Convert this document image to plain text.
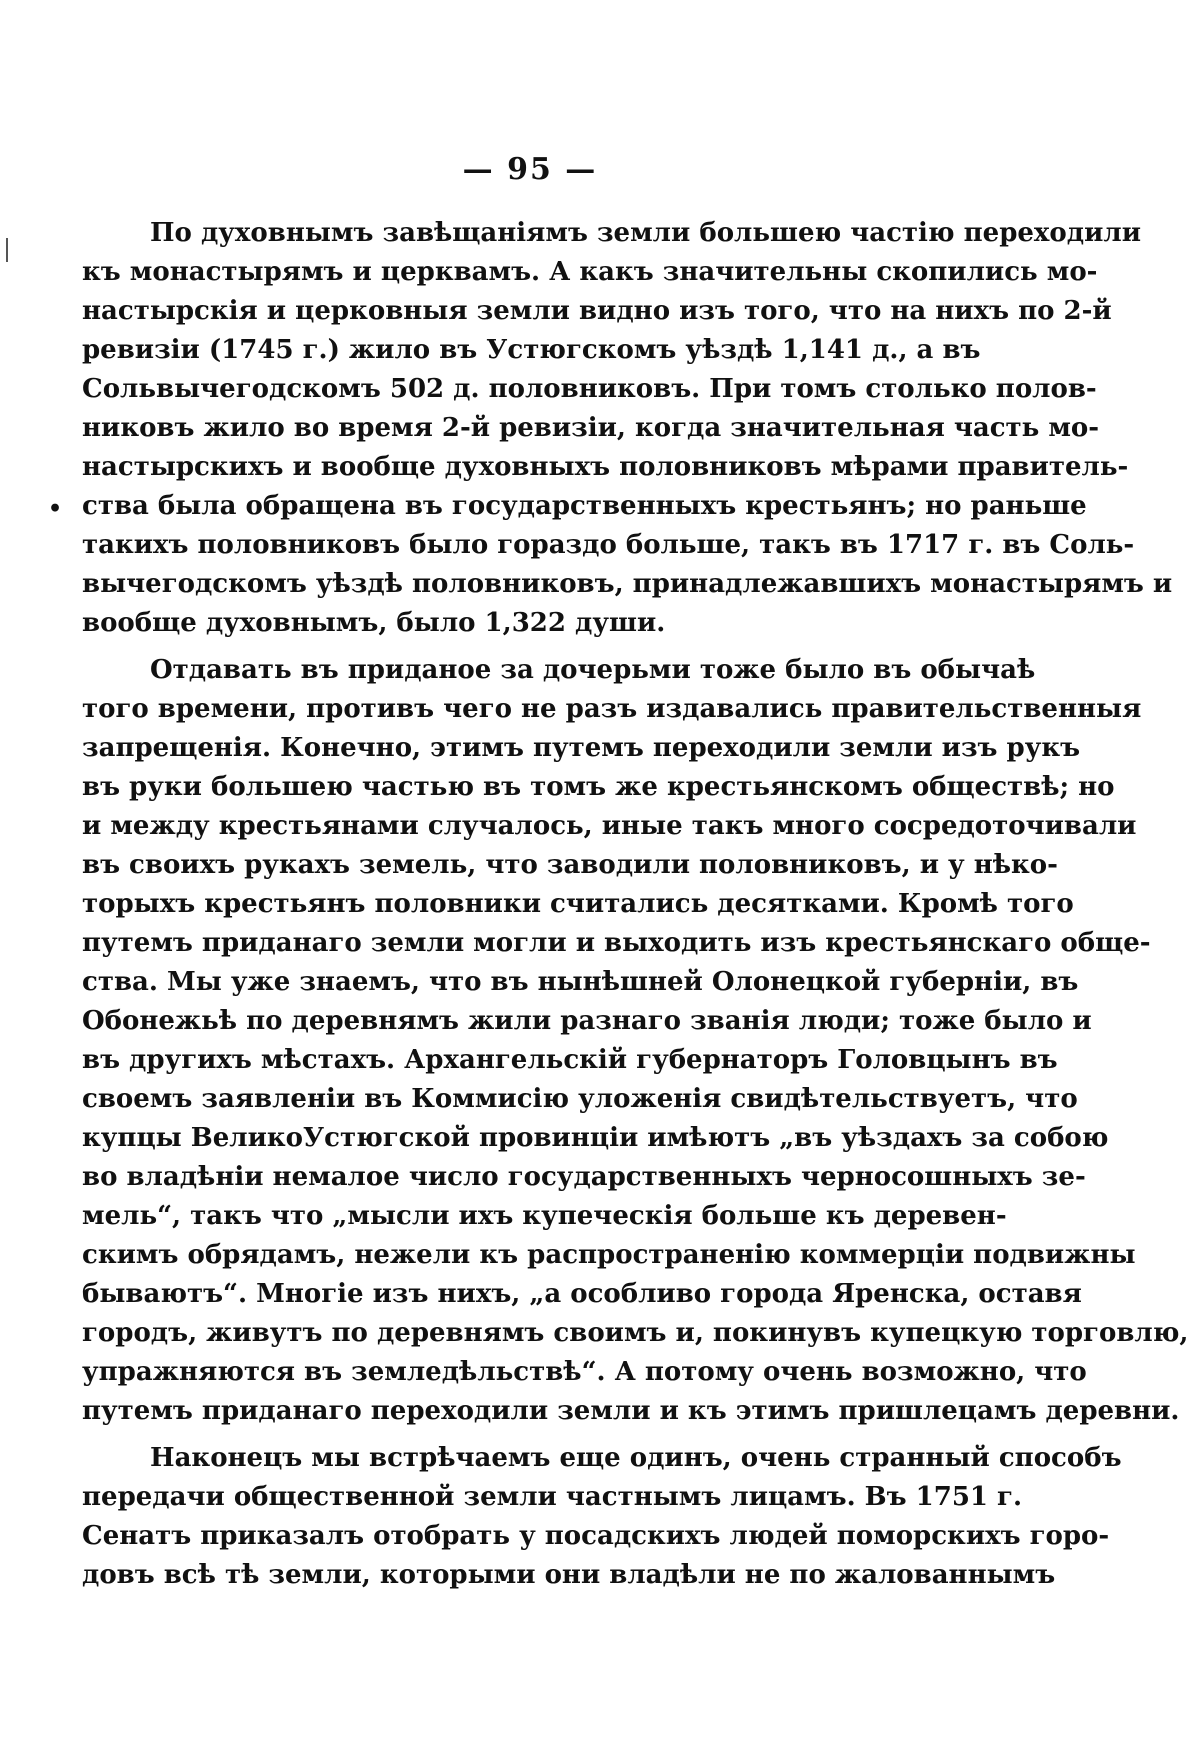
— 95 —
•
По духовнымъ завѣщаніямъ земли большею частію переходили
къ монастырямъ и церквамъ. А какъ значительны скопились мо-
настырскія и церковныя земли видно изъ того, что на нихъ по 2-й
ревизіи (1745 г.) жило въ Устюгскомъ уѣздѣ 1,141 д., а въ
Сольвычегодскомъ 502 д. половниковъ. При томъ столько полов-
никовъ жило во время 2-й ревизіи, когда значительная часть мо-
настырскихъ и вообще духовныхъ половниковъ мѣрами правитель-
ства была обращена въ государственныхъ крестьянъ; но раньше
такихъ половниковъ было гораздо больше, такъ въ 1717 г. въ Соль-
вычегодскомъ уѣздѣ половниковъ, принадлежавшихъ монастырямъ и
вообще духовнымъ, было 1,322 души.
Отдавать въ приданое за дочерьми тоже было въ обычаѣ
того времени, противъ чего не разъ издавались правительственныя
запрещенія. Конечно, этимъ путемъ переходили земли изъ рукъ
въ руки большею частью въ томъ же крестьянскомъ обществѣ; но
и между крестьянами случалось, иные такъ много сосредоточивали
въ своихъ рукахъ земель, что заводили половниковъ, и у нѣко-
торыхъ крестьянъ половники считались десятками. Кромѣ того
путемъ приданаго земли могли и выходить изъ крестьянскаго обще-
ства. Мы уже знаемъ, что въ нынѣшней Олонецкой губерніи, въ
Обонежьѣ по деревнямъ жили разнаго званія люди; тоже было и
въ другихъ мѣстахъ. Архангельскій губернаторъ Головцынъ въ
своемъ заявленіи въ Коммисію уложенія свидѣтельствуетъ, что
купцы ВеликоУстюгской провинціи имѣютъ „въ уѣздахъ за собою
во владѣніи немалое число государственныхъ черносошныхъ зе-
мель“, такъ что „мысли ихъ купеческія больше къ деревен-
скимъ обрядамъ, нежели къ распространенію коммерціи подвижны
бываютъ“. Многіе изъ нихъ, „а особливо города Яренска, оставя
городъ, живутъ по деревнямъ своимъ и, покинувъ купецкую торговлю,
упражняются въ земледѣльствѣ“. А потому очень возможно, что
путемъ приданаго переходили земли и къ этимъ пришлецамъ деревни.
Наконецъ мы встрѣчаемъ еще одинъ, очень странный способъ
передачи общественной земли частнымъ лицамъ. Въ 1751 г.
Сенатъ приказалъ отобрать у посадскихъ людей поморскихъ горо-
довъ всѣ тѣ земли, которыми они владѣли не по жалованнымъ
